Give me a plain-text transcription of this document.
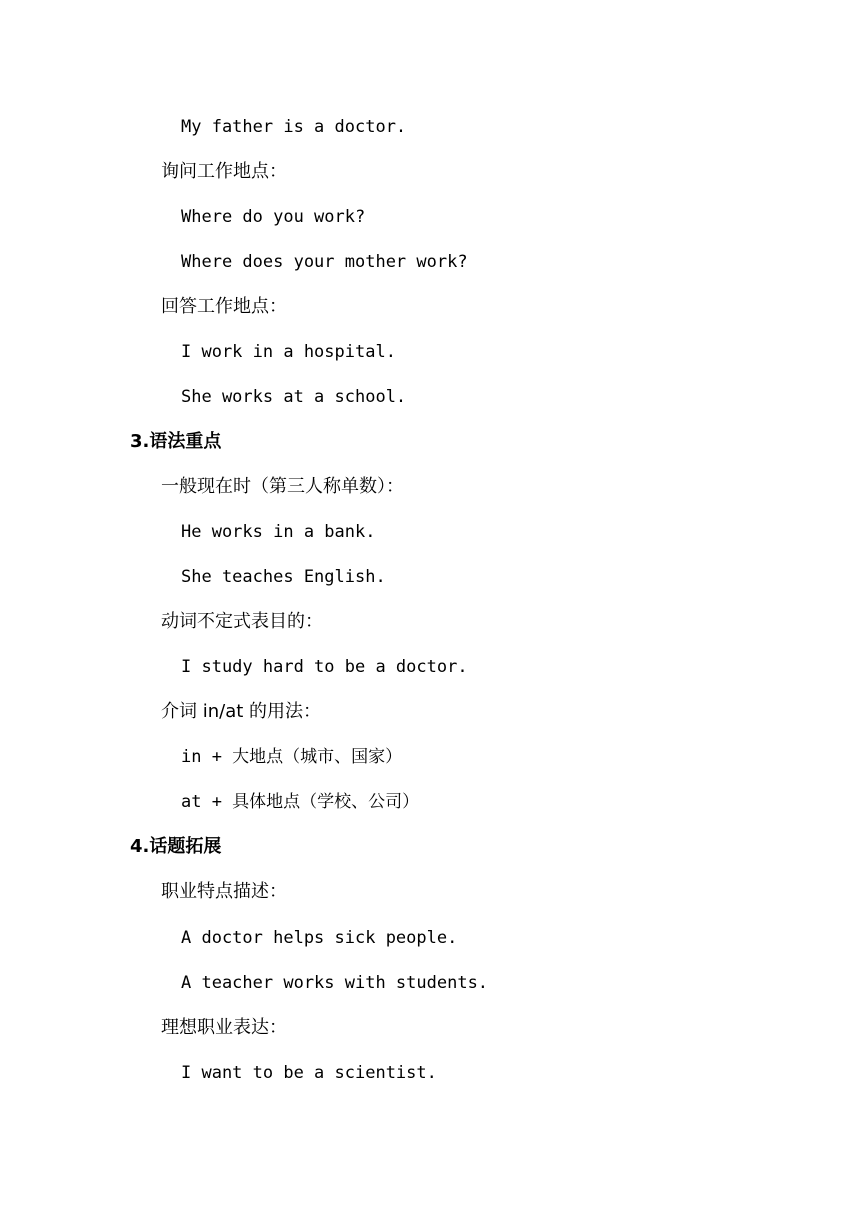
My father is a doctor.
询问工作地点：
Where do you work?
Where does your mother work?
回答工作地点：
I work in a hospital.
She works at a school.
3.语法重点
一般现在时（第三人称单数）：
He works in a bank.
She teaches English.
动词不定式表目的：
I study hard to be a doctor.
介词 in/at 的用法：
in + 大地点（城市、国家）
at + 具体地点（学校、公司）
4.话题拓展
职业特点描述：
A doctor helps sick people.
A teacher works with students.
理想职业表达：
I want to be a scientist.
